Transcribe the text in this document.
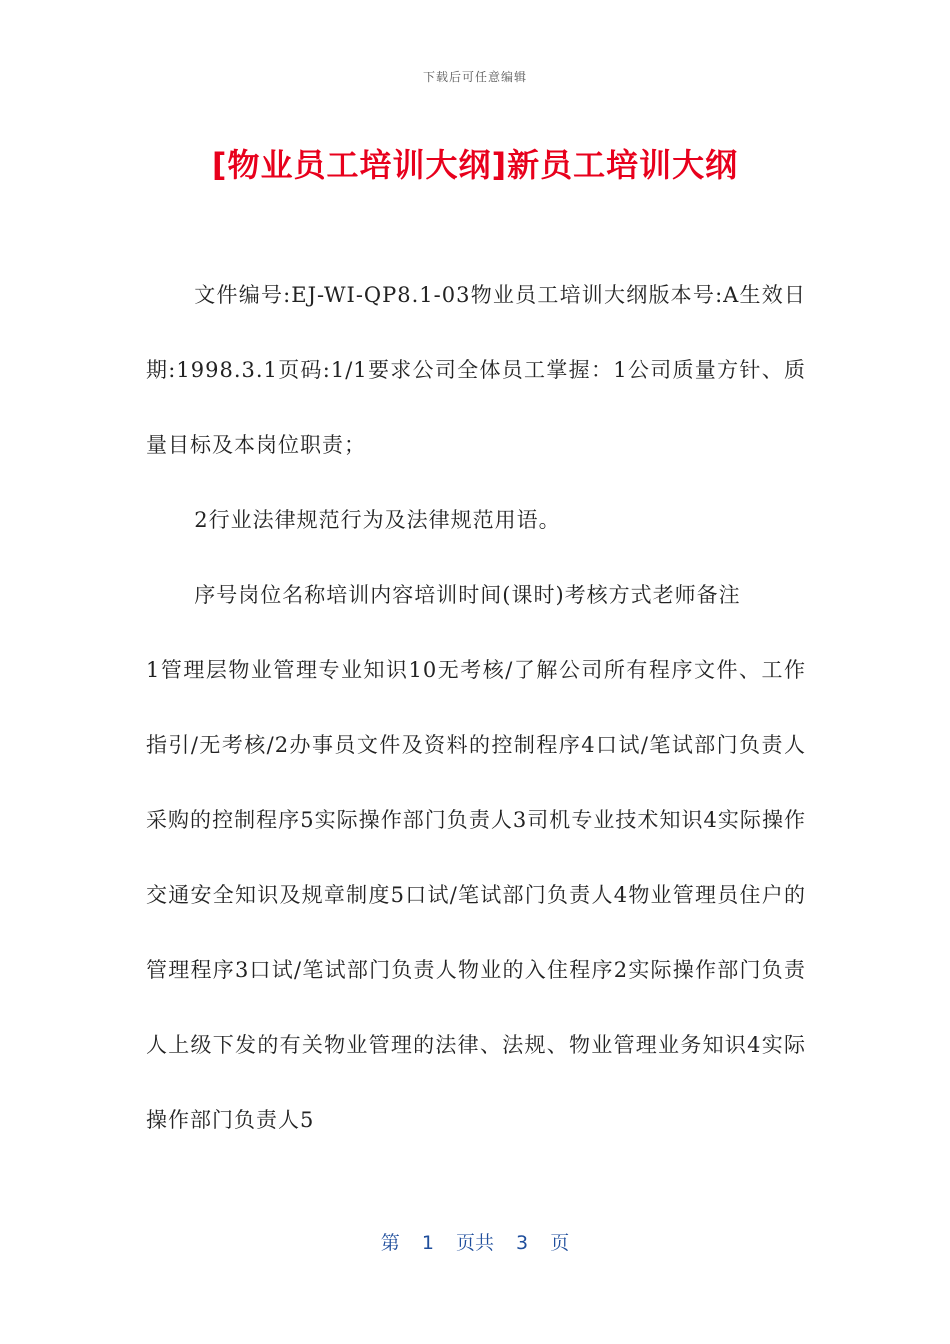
下载后可任意编辑
[物业员工培训大纲]新员工培训大纲

文件编号:EJ-WI-QP8.1-03物业员工培训大纲版本号:A生效日期:1998.3.1页码:1/1要求公司全体员工掌握：1公司质量方针、质量目标及本岗位职责；

2行业法律规范行为及法律规范用语。

序号岗位名称培训内容培训时间(课时)考核方式老师备注

1管理层物业管理专业知识10无考核/了解公司所有程序文件、工作指引/无考核/2办事员文件及资料的控制程序4口试/笔试部门负责人采购的控制程序5实际操作部门负责人3司机专业技术知识4实际操作交通安全知识及规章制度5口试/笔试部门负责人4物业管理员住户的管理程序3口试/笔试部门负责人物业的入住程序2实际操作部门负责人上级下发的有关物业管理的法律、法规、物业管理业务知识4实际操作部门负责人5

第 1 页共 3 页
